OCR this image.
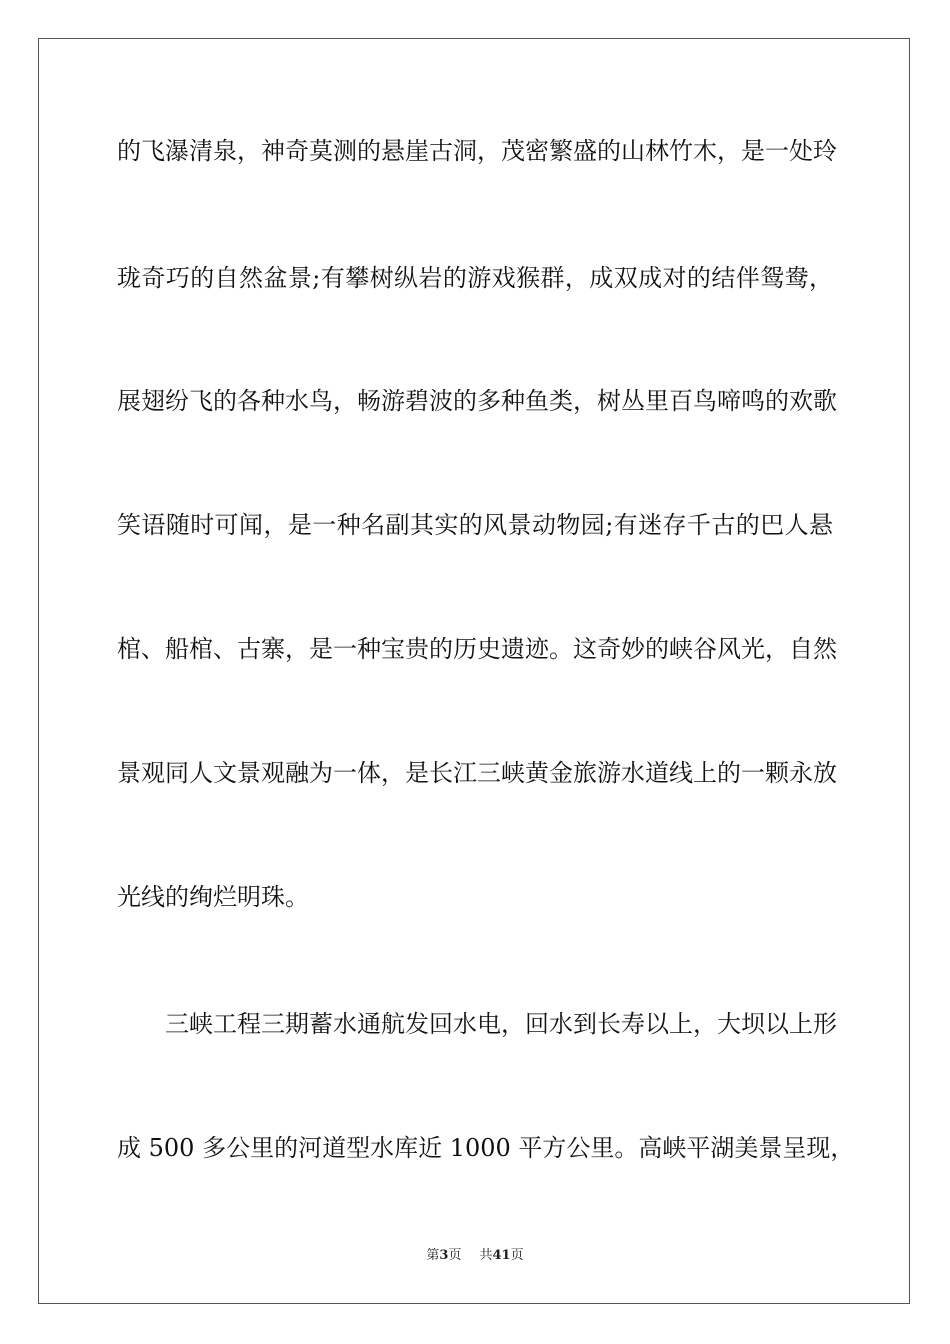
的飞瀑清泉，神奇莫测的悬崖古洞，茂密繁盛的山林竹木，是一处玲
珑奇巧的自然盆景;有攀树纵岩的游戏猴群，成双成对的结伴鸳鸯，
展翅纷飞的各种水鸟，畅游碧波的多种鱼类，树丛里百鸟啼鸣的欢歌
笑语随时可闻，是一种名副其实的风景动物园;有迷存千古的巴人悬
棺、船棺、古寨，是一种宝贵的历史遗迹。这奇妙的峡谷风光，自然
景观同人文景观融为一体，是长江三峡黄金旅游水道线上的一颗永放
光线的绚烂明珠。
三峡工程三期蓄水通航发回水电，回水到长寿以上，大坝以上形
成 500 多公里的河道型水库近 1000 平方公里。高峡平湖美景呈现，
第3页 共41页
